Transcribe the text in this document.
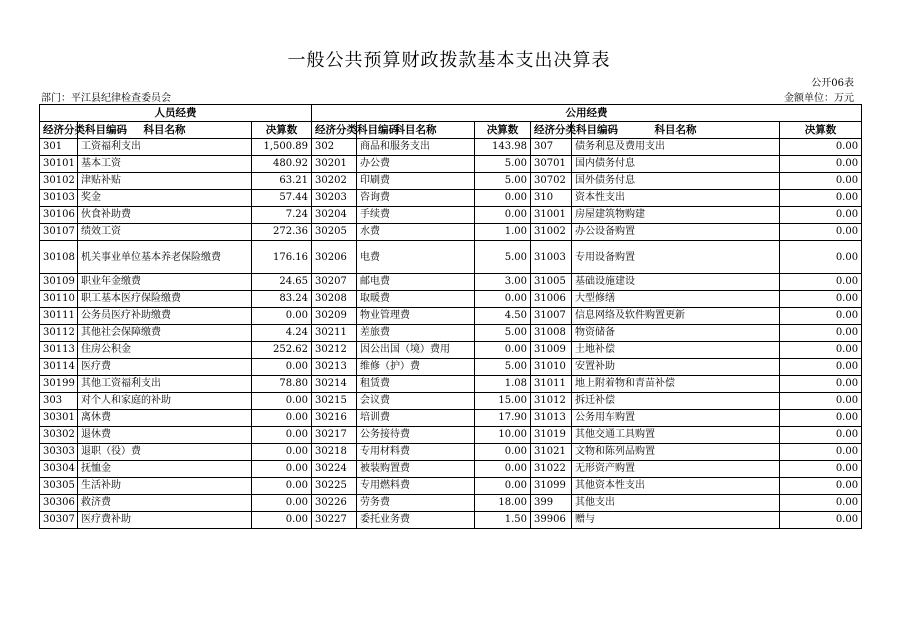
一般公共预算财政拨款基本支出决算表
公开06表
部门：平江县纪律检查委员会	金额单位：万元
人员经费			公用经费					
经济分类科目编码	科目名称	决算数	经济分类科目编码	科目名称	决算数	经济分类科目编码	科目名称	决算数
301	工资福利支出	1,500.89	302	商品和服务支出	143.98	307	债务利息及费用支出	0.00
30101	基本工资	480.92	30201	办公费	5.00	30701	国内债务付息	0.00
30102	津贴补贴	63.21	30202	印刷费	5.00	30702	国外债务付息	0.00
30103	奖金	57.44	30203	咨询费	0.00	310	资本性支出	0.00
30106	伙食补助费	7.24	30204	手续费	0.00	31001	房屋建筑物购建	0.00
30107	绩效工资	272.36	30205	水费	1.00	31002	办公设备购置	0.00
30108	机关事业单位基本养老保险缴费	176.16	30206	电费	5.00	31003	专用设备购置	0.00
30109	职业年金缴费	24.65	30207	邮电费	3.00	31005	基础设施建设	0.00
30110	职工基本医疗保险缴费	83.24	30208	取暖费	0.00	31006	大型修缮	0.00
30111	公务员医疗补助缴费	0.00	30209	物业管理费	4.50	31007	信息网络及软件购置更新	0.00
30112	其他社会保障缴费	4.24	30211	差旅费	5.00	31008	物资储备	0.00
30113	住房公积金	252.62	30212	因公出国（境）费用	0.00	31009	土地补偿	0.00
30114	医疗费	0.00	30213	维修（护）费	5.00	31010	安置补助	0.00
30199	其他工资福利支出	78.80	30214	租赁费	1.08	31011	地上附着物和青苗补偿	0.00
303	对个人和家庭的补助	0.00	30215	会议费	15.00	31012	拆迁补偿	0.00
30301	离休费	0.00	30216	培训费	17.90	31013	公务用车购置	0.00
30302	退休费	0.00	30217	公务接待费	10.00	31019	其他交通工具购置	0.00
30303	退职（役）费	0.00	30218	专用材料费	0.00	31021	文物和陈列品购置	0.00
30304	抚恤金	0.00	30224	被装购置费	0.00	31022	无形资产购置	0.00
30305	生活补助	0.00	30225	专用燃料费	0.00	31099	其他资本性支出	0.00
30306	救济费	0.00	30226	劳务费	18.00	399	其他支出	0.00
30307	医疗费补助	0.00	30227	委托业务费	1.50	39906	赠与	0.00
